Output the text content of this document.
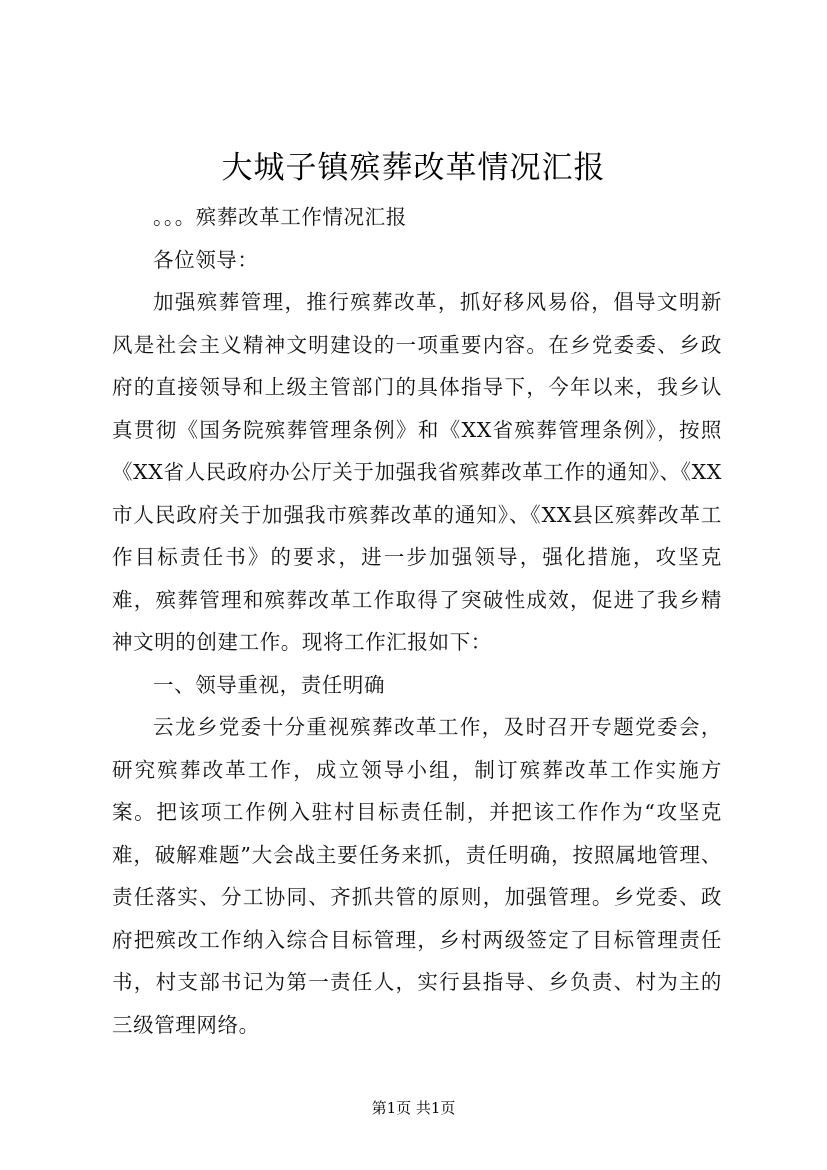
大城子镇殡葬改革情况汇报

。。。殡葬改革工作情况汇报

各位领导：

加强殡葬管理，推行殡葬改革，抓好移风易俗，倡导文明新风是社会主义精神文明建设的一项重要内容。在乡党委委、乡政府的直接领导和上级主管部门的具体指导下，今年以来，我乡认真贯彻《国务院殡葬管理条例》和《XX省殡葬管理条例》，按照《XX省人民政府办公厅关于加强我省殡葬改革工作的通知》、《XX市人民政府关于加强我市殡葬改革的通知》、《XX县区殡葬改革工作目标责任书》的要求，进一步加强领导，强化措施，攻坚克难，殡葬管理和殡葬改革工作取得了突破性成效，促进了我乡精神文明的创建工作。现将工作汇报如下：

一、领导重视，责任明确

云龙乡党委十分重视殡葬改革工作，及时召开专题党委会，研究殡葬改革工作，成立领导小组，制订殡葬改革工作实施方案。把该项工作例入驻村目标责任制，并把该工作作为“攻坚克难，破解难题”大会战主要任务来抓，责任明确，按照属地管理、责任落实、分工协同、齐抓共管的原则，加强管理。乡党委、政府把殡改工作纳入综合目标管理，乡村两级签定了目标管理责任书，村支部书记为第一责任人，实行县指导、乡负责、村为主的三级管理网络。

第1页 共1页
